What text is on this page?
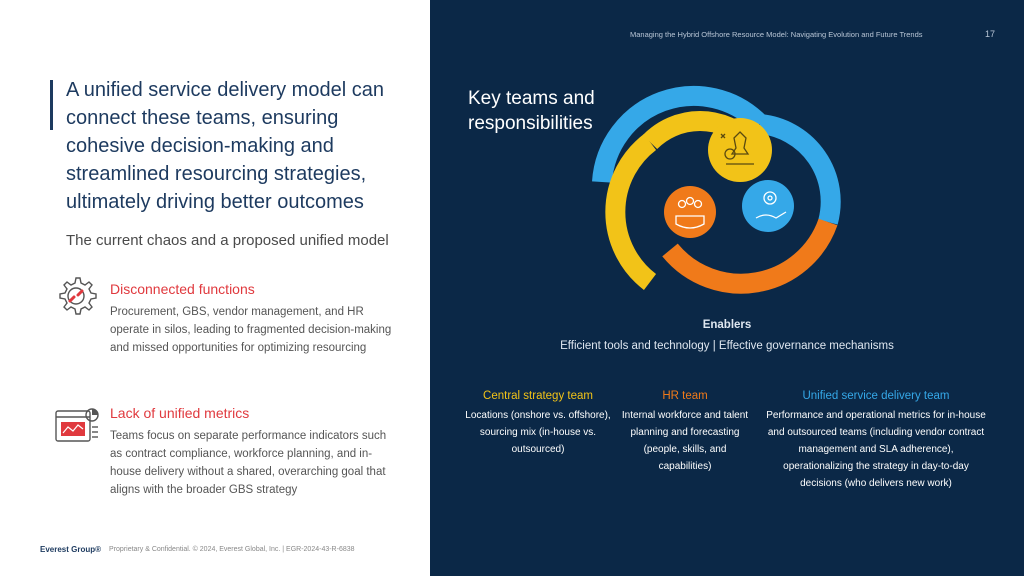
A unified service delivery model can connect these teams, ensuring cohesive decision-making and streamlined resourcing strategies, ultimately driving better outcomes
The current chaos and a proposed unified model
Disconnected functions
Procurement, GBS, vendor management, and HR operate in silos, leading to fragmented decision-making and missed opportunities for optimizing resourcing
Lack of unified metrics
Teams focus on separate performance indicators such as contract compliance, workforce planning, and in-house delivery without a shared, overarching goal that aligns with the broader GBS strategy
Everest Group® Proprietary & Confidential. © 2024, Everest Global, Inc. | EGR-2024-43-R-6838
Managing the Hybrid Offshore Resource Model: Navigating Evolution and Future Trends	17
Key teams and responsibilities
Enablers
Efficient tools and technology | Effective governance mechanisms
Central strategy team
Locations (onshore vs. offshore), sourcing mix (in-house vs. outsourced)
HR team
Internal workforce and talent planning and forecasting (people, skills, and capabilities)
Unified service delivery team
Performance and operational metrics for in-house and outsourced teams (including vendor contract management and SLA adherence), operationalizing the strategy in day-to-day decisions (who delivers new work)
